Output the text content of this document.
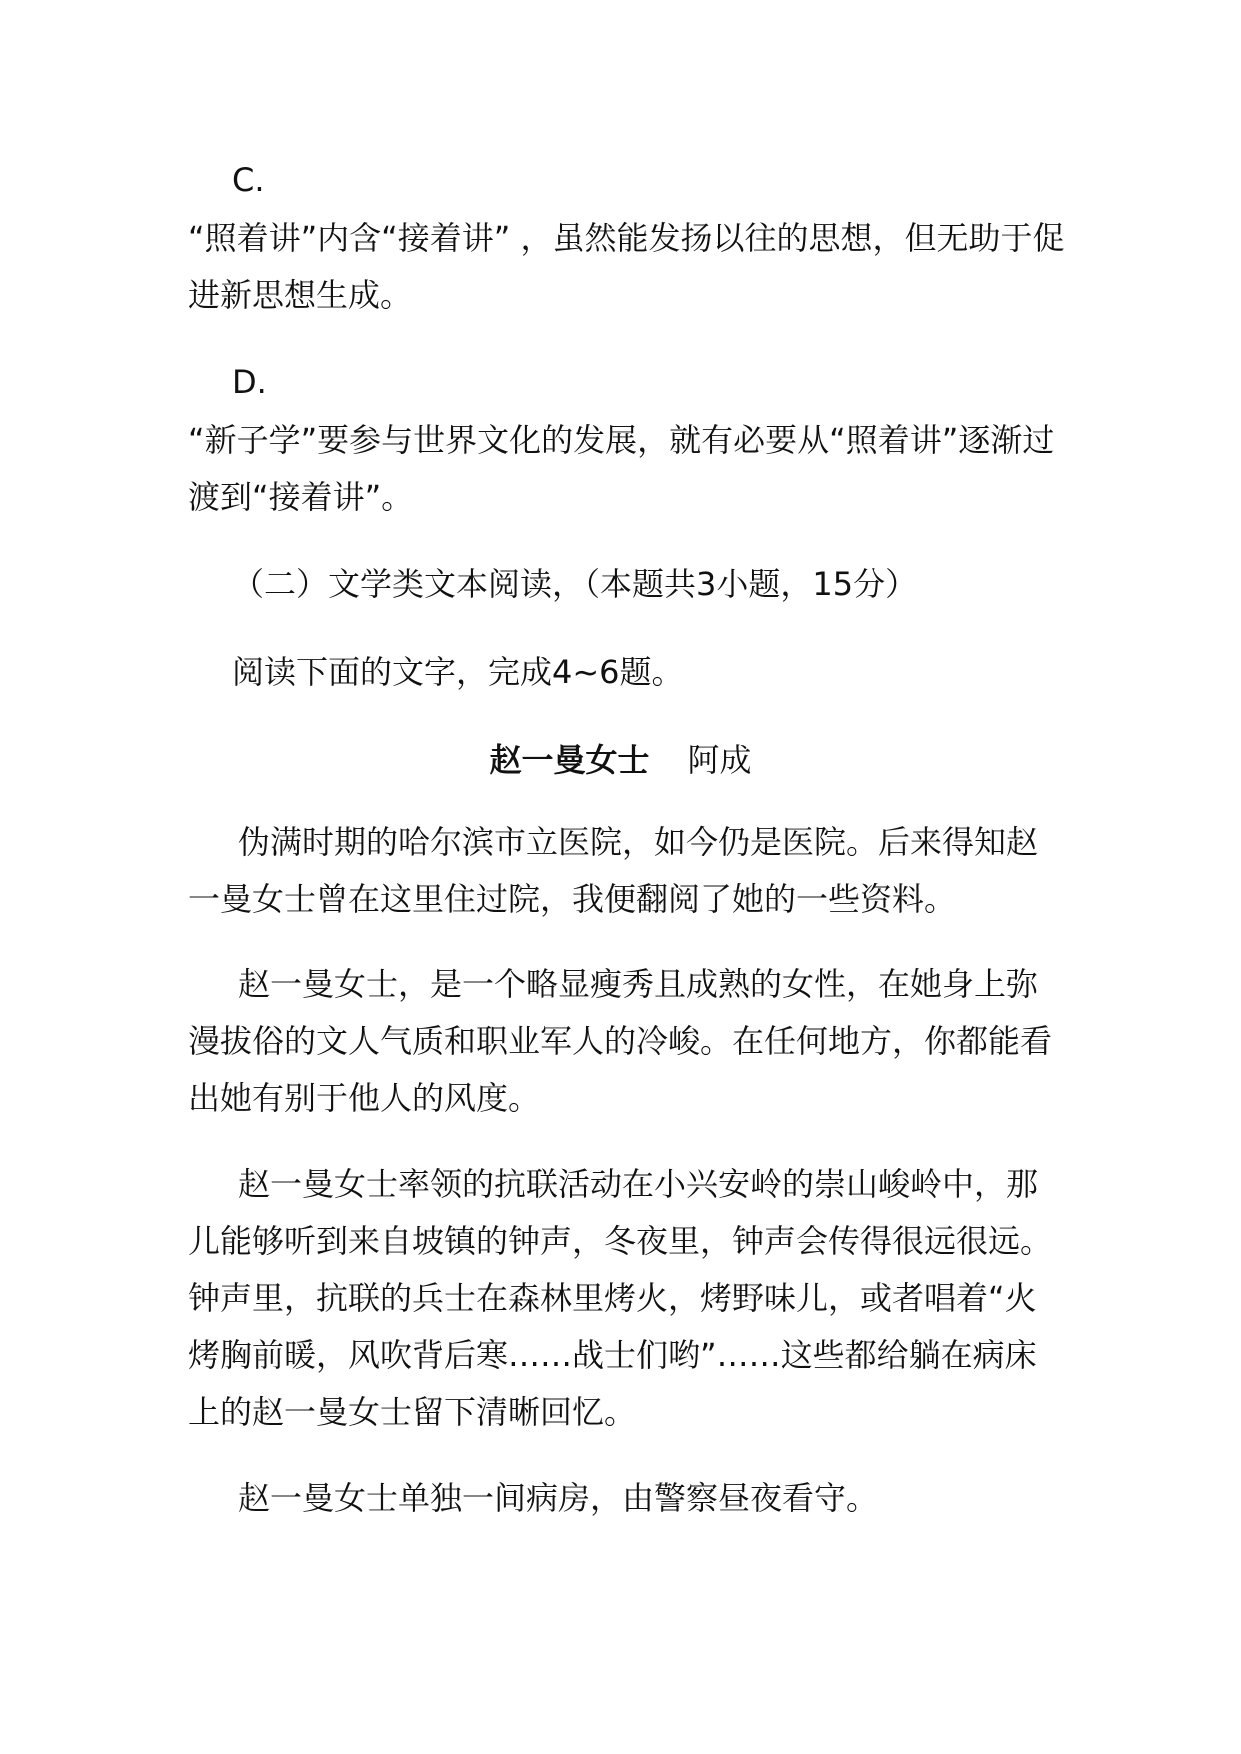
C.

“照着讲”内含“接着讲” ，虽然能发扬以往的思想，但无助于促进新思想生成。

D.

“新子学”要参与世界文化的发展，就有必要从“照着讲”逐渐过渡到“接着讲”。

（二）文学类文本阅读，（本题共3小题，15分）

阅读下面的文字，完成4~6题。

赵一曼女士 阿成

伪满时期的哈尔滨市立医院，如今仍是医院。后来得知赵一曼女士曾在这里住过院，我便翻阅了她的一些资料。

赵一曼女士，是一个略显瘦秀且成熟的女性，在她身上弥漫拔俗的文人气质和职业军人的冷峻。在任何地方，你都能看出她有别于他人的风度。

赵一曼女士率领的抗联活动在小兴安岭的崇山峻岭中，那儿能够听到来自坡镇的钟声，冬夜里，钟声会传得很远很远。钟声里，抗联的兵士在森林里烤火，烤野味儿，或者唱着“火烤胸前暖，风吹背后寒……战士们哟”……这些都给躺在病床上的赵一曼女士留下清晰回忆。

赵一曼女士单独一间病房，由警察昼夜看守。
